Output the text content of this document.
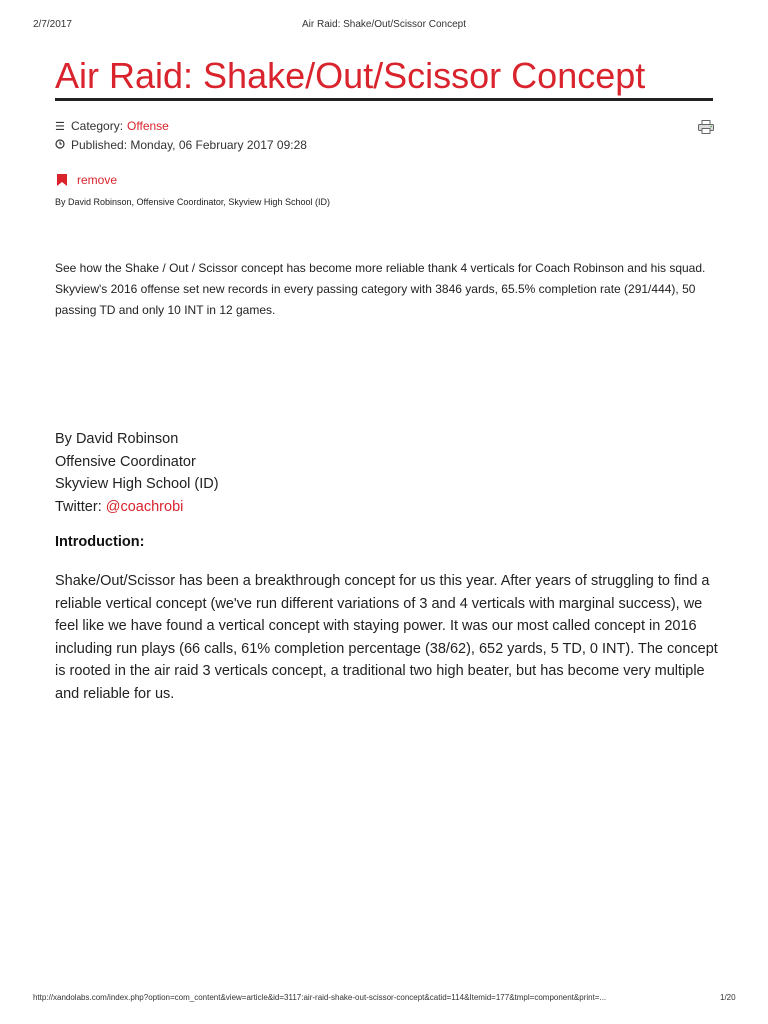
2/7/2017	Air Raid: Shake/Out/Scissor Concept
Air Raid: Shake/Out/Scissor Concept
☰ Category: Offense
Published: Monday, 06 February 2017 09:28
remove
By David Robinson, Offensive Coordinator, Skyview High School (ID)

See how the Shake / Out / Scissor concept has become more reliable thank 4 verticals for Coach Robinson and his squad. Skyview's 2016 offense set new records in every passing category with 3846 yards, 65.5% completion rate (291/444), 50 passing TD and only 10 INT in 12 games.

By David Robinson
Offensive Coordinator
Skyview High School (ID)
Twitter: @coachrobi
Introduction:

Shake/Out/Scissor has been a breakthrough concept for us this year. After years of struggling to find a reliable vertical concept (we've run different variations of 3 and 4 verticals with marginal success), we feel like we have found a vertical concept with staying power. It was our most called concept in 2016 including run plays (66 calls, 61% completion percentage (38/62), 652 yards, 5 TD, 0 INT). The concept is rooted in the air raid 3 verticals concept, a traditional two high beater, but has become very multiple and reliable for us.

http://xandolabs.com/index.php?option=com_content&view=article&id=3117:air-raid-shake-out-scissor-concept&catid=114&Itemid=177&tmpl=component&print=...	1/20
